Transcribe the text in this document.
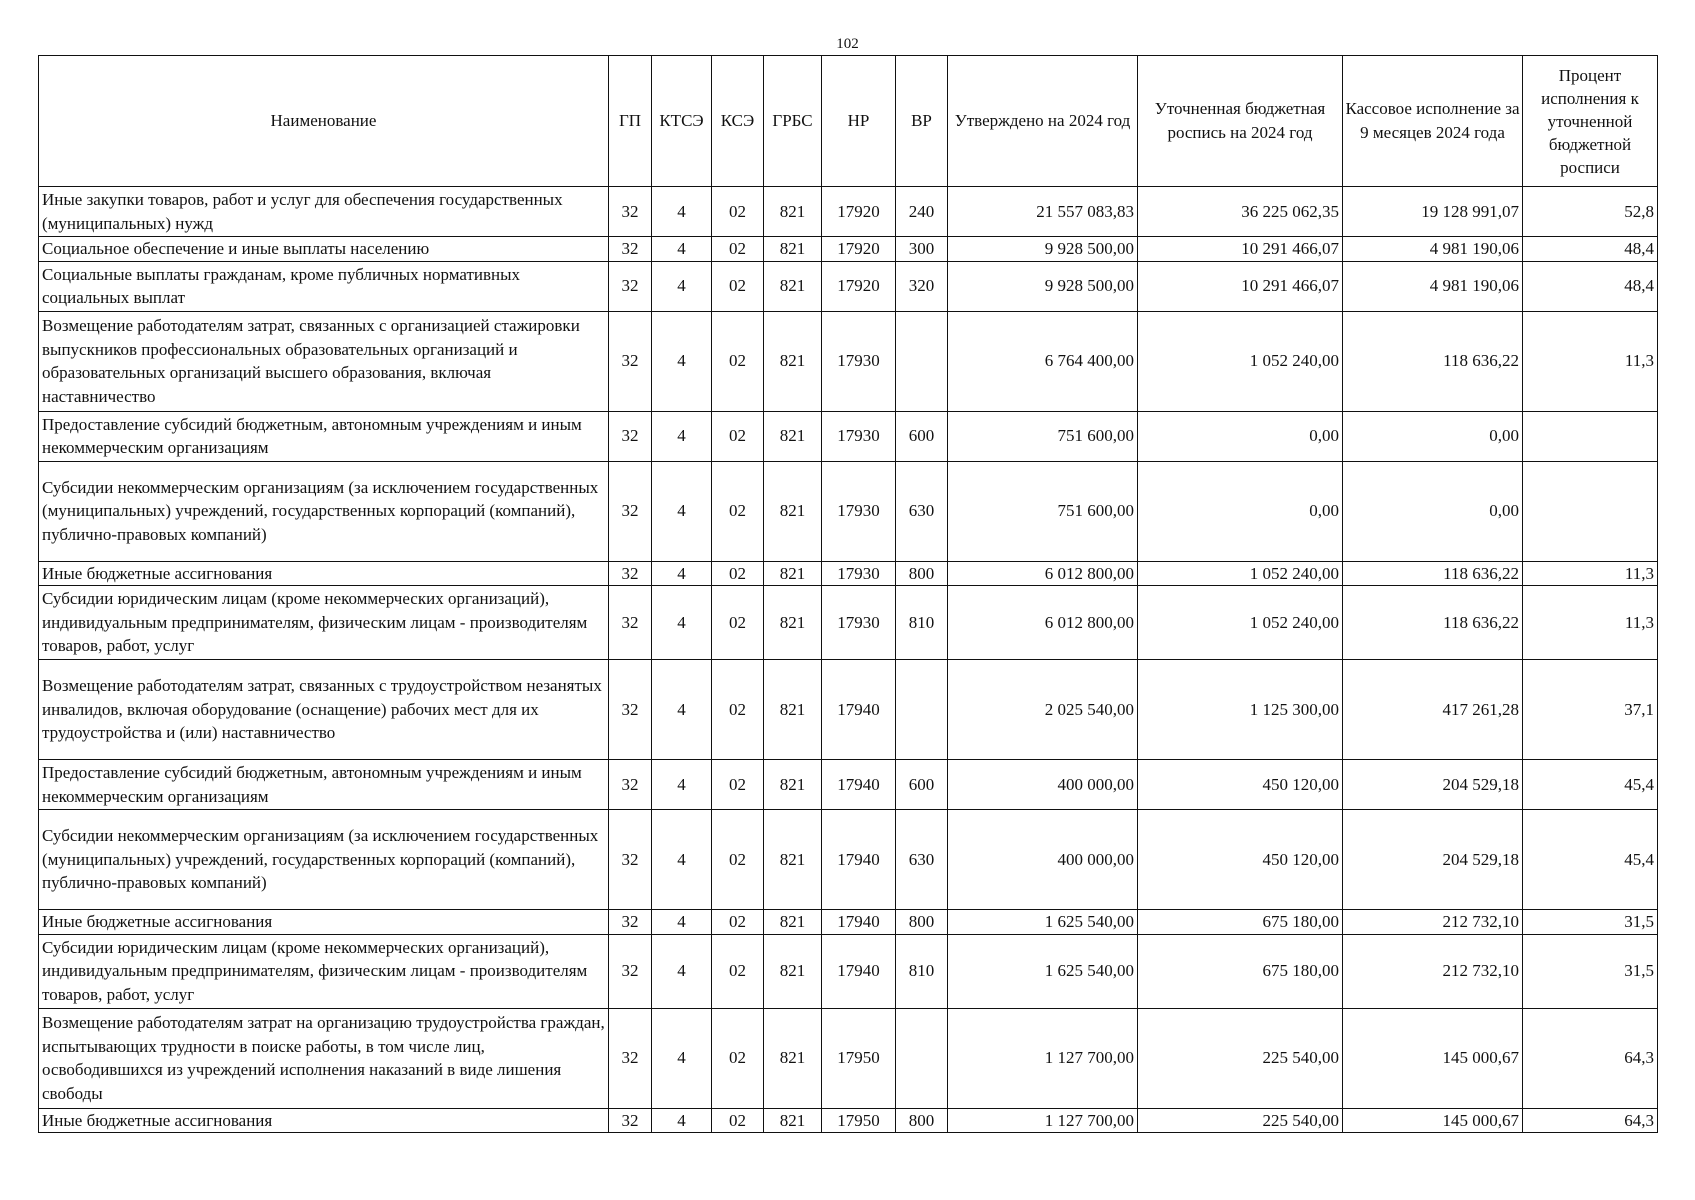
102
Наименование	ГП	КТСЭ	КСЭ	ГРБС	НР	ВР	Утверждено на 2024 год	Уточненная бюджетная роспись на 2024 год	Кассовое исполнение за 9 месяцев 2024 года	Процент исполнения к уточненной бюджетной росписи
Иные закупки товаров, работ и услуг для обеспечения государственных (муниципальных) нужд	32	4	02	821	17920	240	21 557 083,83	36 225 062,35	19 128 991,07	52,8
Социальное обеспечение и иные выплаты населению	32	4	02	821	17920	300	9 928 500,00	10 291 466,07	4 981 190,06	48,4
Социальные выплаты гражданам, кроме публичных нормативных социальных выплат	32	4	02	821	17920	320	9 928 500,00	10 291 466,07	4 981 190,06	48,4
Возмещение работодателям затрат, связанных с организацией стажировки выпускников профессиональных образовательных организаций и образовательных организаций высшего образования, включая наставничество	32	4	02	821	17930		6 764 400,00	1 052 240,00	118 636,22	11,3
Предоставление субсидий бюджетным, автономным учреждениям и иным некоммерческим организациям	32	4	02	821	17930	600	751 600,00	0,00	0,00	
Субсидии некоммерческим организациям (за исключением государственных (муниципальных) учреждений, государственных корпораций (компаний), публично-правовых компаний)	32	4	02	821	17930	630	751 600,00	0,00	0,00	
Иные бюджетные ассигнования	32	4	02	821	17930	800	6 012 800,00	1 052 240,00	118 636,22	11,3
Субсидии юридическим лицам (кроме некоммерческих организаций), индивидуальным предпринимателям, физическим лицам - производителям товаров, работ, услуг	32	4	02	821	17930	810	6 012 800,00	1 052 240,00	118 636,22	11,3
Возмещение работодателям затрат, связанных с трудоустройством незанятых инвалидов, включая оборудование (оснащение) рабочих мест для их трудоустройства и (или) наставничество	32	4	02	821	17940		2 025 540,00	1 125 300,00	417 261,28	37,1
Предоставление субсидий бюджетным, автономным учреждениям и иным некоммерческим организациям	32	4	02	821	17940	600	400 000,00	450 120,00	204 529,18	45,4
Субсидии некоммерческим организациям (за исключением государственных (муниципальных) учреждений, государственных корпораций (компаний), публично-правовых компаний)	32	4	02	821	17940	630	400 000,00	450 120,00	204 529,18	45,4
Иные бюджетные ассигнования	32	4	02	821	17940	800	1 625 540,00	675 180,00	212 732,10	31,5
Субсидии юридическим лицам (кроме некоммерческих организаций), индивидуальным предпринимателям, физическим лицам - производителям товаров, работ, услуг	32	4	02	821	17940	810	1 625 540,00	675 180,00	212 732,10	31,5
Возмещение работодателям затрат на организацию трудоустройства граждан, испытывающих трудности в поиске работы, в том числе лиц, освободившихся из учреждений исполнения наказаний в виде лишения свободы	32	4	02	821	17950		1 127 700,00	225 540,00	145 000,67	64,3
Иные бюджетные ассигнования	32	4	02	821	17950	800	1 127 700,00	225 540,00	145 000,67	64,3
